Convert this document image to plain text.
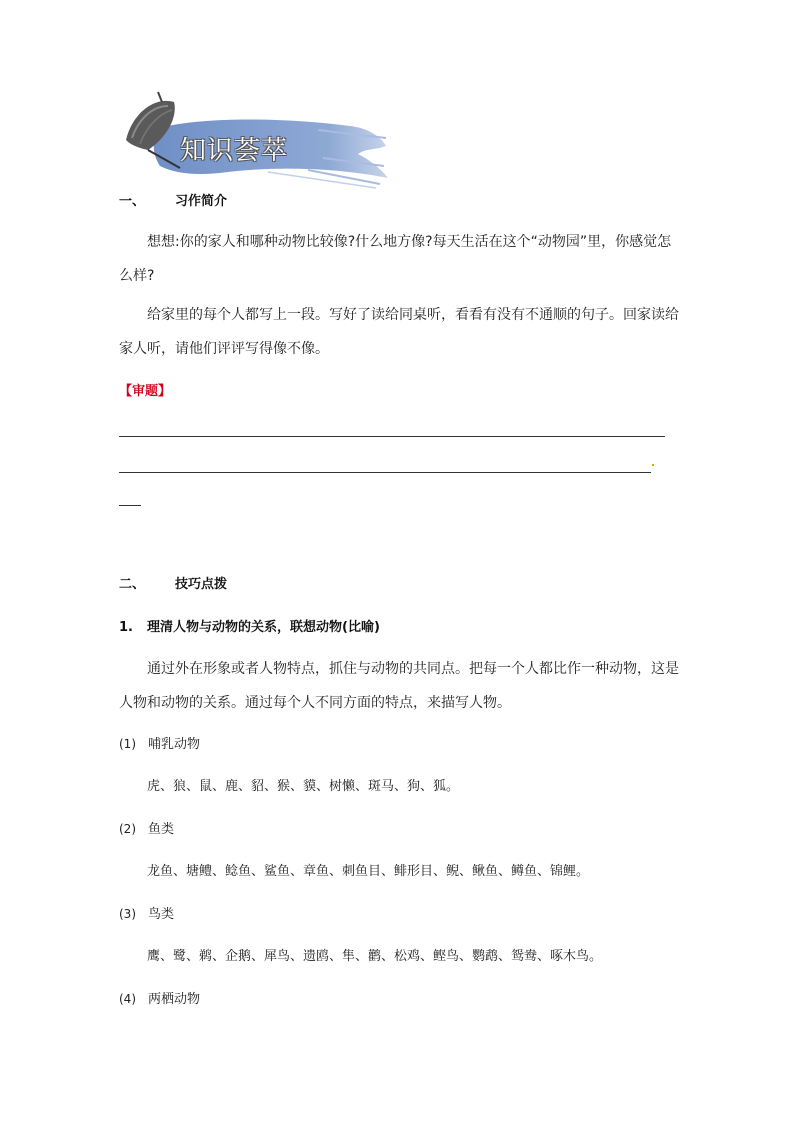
知识荟萃
一、 习作简介
想想:你的家人和哪种动物比较像?什么地方像?每天生活在这个“动物园”里，你感觉怎么样?
给家里的每个人都写上一段。写好了读给同桌听，看看有没有不通顺的句子。回家读给家人听，请他们评评写得像不像。
【审题】
二、 技巧点拨
1. 理清人物与动物的关系，联想动物(比喻)
通过外在形象或者人物特点，抓住与动物的共同点。把每一个人都比作一种动物，这是人物和动物的关系。通过每个人不同方面的特点，来描写人物。
(1) 哺乳动物
虎、狼、鼠、鹿、貂、猴、貘、树懒、斑马、狗、狐。
(2) 鱼类
龙鱼、塘鳢、鲶鱼、鲨鱼、章鱼、刺鱼目、鲱形目、鲵、鳅鱼、鳟鱼、锦鲤。
(3) 鸟类
鹰、鹭、鹈、企鹅、犀鸟、遗鸥、隼、鹳、松鸡、鲣鸟、鹦鹉、鸳鸯、啄木鸟。
(4) 两栖动物
